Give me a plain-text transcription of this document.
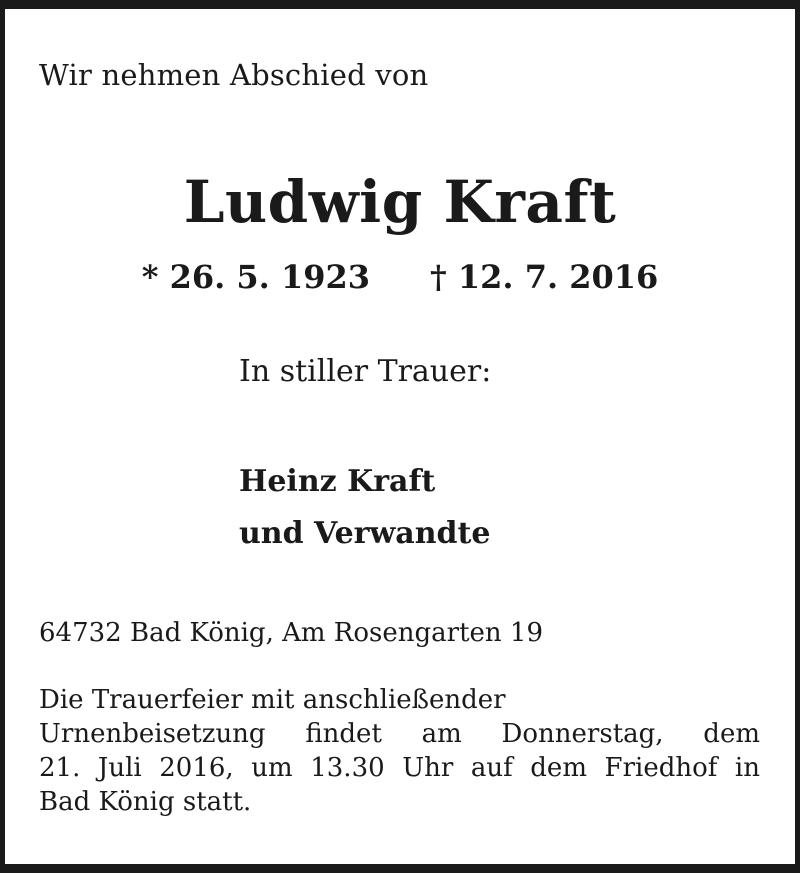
Wir nehmen Abschied von
Ludwig Kraft
* 26. 5. 1923 † 12. 7. 2016
In stiller Trauer:
Heinz Kraft
und Verwandte
64732 Bad König, Am Rosengarten 19
Die Trauerfeier mit anschließender
Urnenbeisetzung findet am Donnerstag, dem
21. Juli 2016, um 13.30 Uhr auf dem Friedhof in
Bad König statt.
